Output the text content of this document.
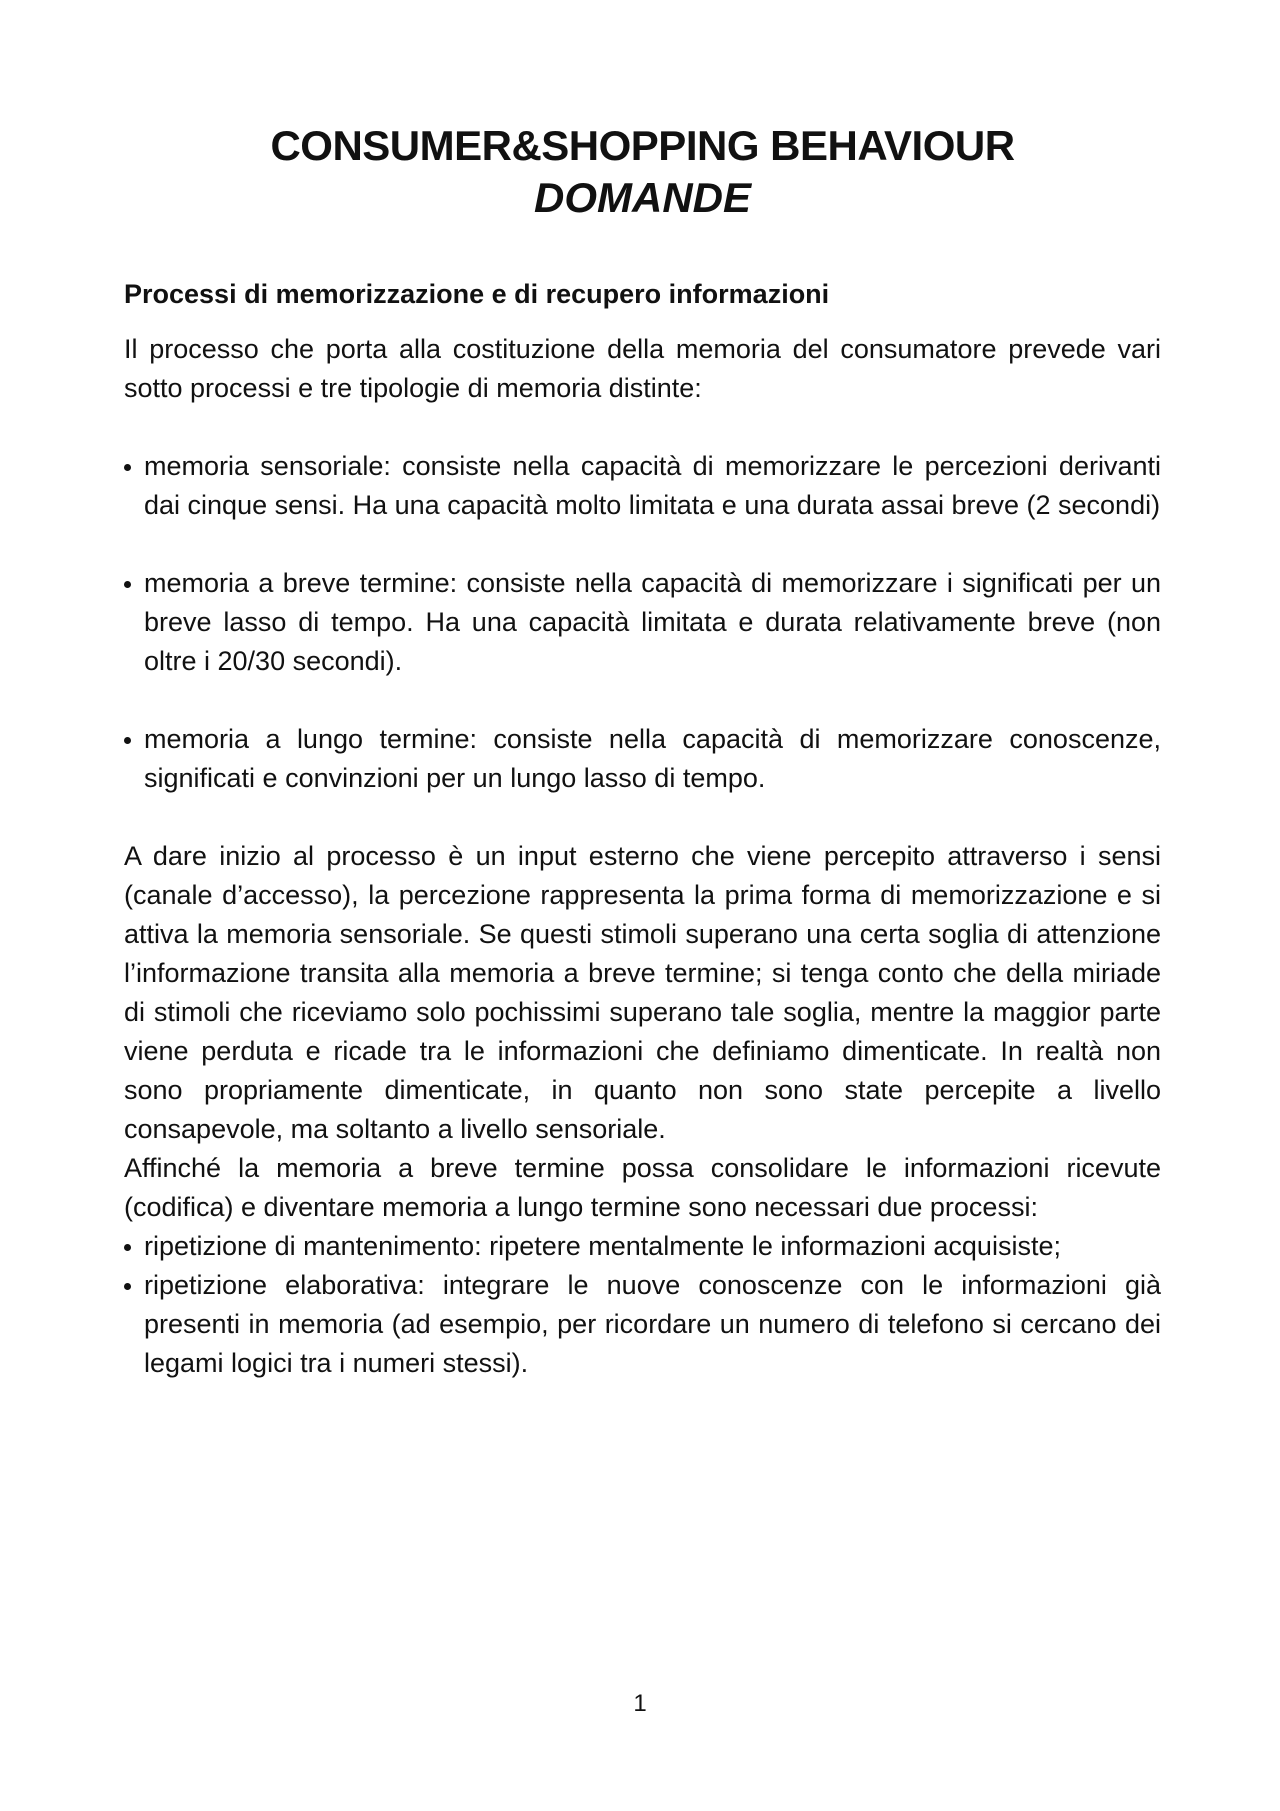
CONSUMER&SHOPPING BEHAVIOUR
DOMANDE
Processi di memorizzazione e di recupero informazioni

Il processo che porta alla costituzione della memoria del consumatore prevede vari sotto processi e tre tipologie di memoria distinte:

memoria sensoriale: consiste nella capacità di memorizzare le percezioni derivanti dai cinque sensi. Ha una capacità molto limitata e una durata assai breve (2 secondi)
memoria a breve termine: consiste nella capacità di memorizzare i significati per un breve lasso di tempo. Ha una capacità limitata e durata relativamente breve (non oltre i 20/30 secondi).
memoria a lungo termine: consiste nella capacità di memorizzare conoscenze, significati e convinzioni per un lungo lasso di tempo.

A dare inizio al processo è un input esterno che viene percepito attraverso i sensi (canale d’accesso), la percezione rappresenta la prima forma di memorizzazione e si attiva la memoria sensoriale. Se questi stimoli superano una certa soglia di attenzione l’informazione transita alla memoria a breve termine; si tenga conto che della miriade di stimoli che riceviamo solo pochissimi superano tale soglia, mentre la maggior parte viene perduta e ricade tra le informazioni che definiamo dimenticate. In realtà non sono propriamente dimenticate, in quanto non sono state percepite a livello consapevole, ma soltanto a livello sensoriale.

Affinché la memoria a breve termine possa consolidare le informazioni ricevute (codifica) e diventare memoria a lungo termine sono necessari due processi:

ripetizione di mantenimento: ripetere mentalmente le informazioni acquisiste;
ripetizione elaborativa: integrare le nuove conoscenze con le informazioni già presenti in memoria (ad esempio, per ricordare un numero di telefono si cercano dei legami logici tra i numeri stessi).
1
